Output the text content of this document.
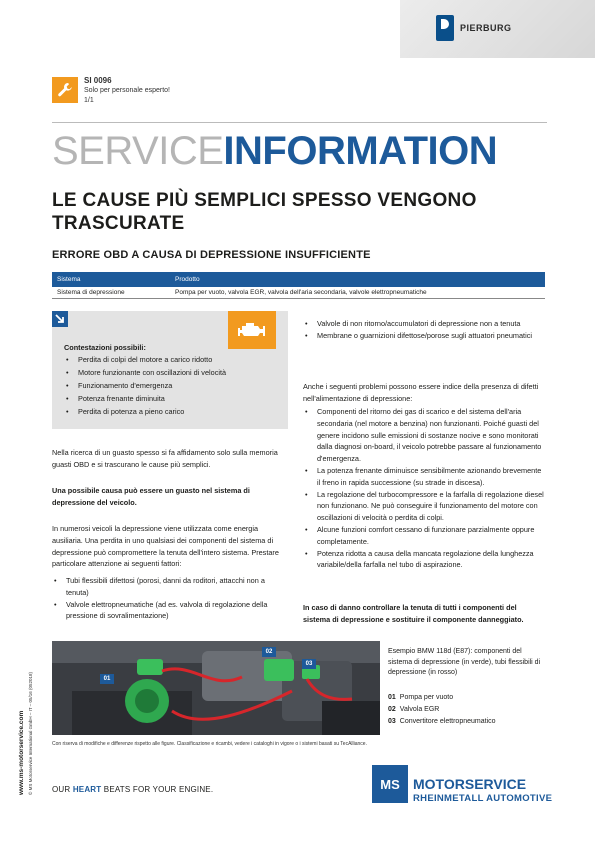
PIERBURG
SI 0096
Solo per personale esperto!
1/1
SERVICEINFORMATION
LE CAUSE PIÙ SEMPLICI SPESSO VENGONO TRASCURATE
ERRORE OBD A CAUSA DI DEPRESSIONE INSUFFICIENTE
Sistema	Prodotto
Sistema di depressione	Pompa per vuoto, valvola EGR, valvola dell'aria secondaria, valvole elettropneumatiche
Contestazioni possibili:
• Perdita di colpi del motore a carico ridotto
• Motore funzionante con oscillazioni di velocità
• Funzionamento d'emergenza
• Potenza frenante diminuita
• Perdita di potenza a pieno carico

Nella ricerca di un guasto spesso si fa affidamento solo sulla memoria guasti OBD e si trascurano le cause più semplici.

Una possibile causa può essere un guasto nel sistema di depressione del veicolo.

In numerosi veicoli la depressione viene utilizzata come energia ausiliaria. Una perdita in uno qualsiasi dei componenti del sistema di depressione può compromettere la tenuta dell'intero sistema. Prestare particolare attenzione ai seguenti fattori:

• Tubi flessibili difettosi (porosi, danni da roditori, attacchi non a tenuta)
• Valvole elettropneumatiche (ad es. valvola di regolazione della pressione di sovralimentazione)
• Valvole di non ritorno/accumulatori di depressione non a tenuta
• Membrane o guarnizioni difettose/porose sugli attuatori pneumatici

Anche i seguenti problemi possono essere indice della presenza di difetti nell'alimentazione di depressione:

• Componenti del ritorno dei gas di scarico e del sistema dell'aria secondaria (nel motore a benzina) non funzionanti. Poiché guasti del genere incidono sulle emissioni di sostanze nocive e sono monitorati dalla diagnosi on-board, il veicolo potrebbe passare al funzionamento d'emergenza.
• La potenza frenante diminuisce sensibilmente azionando brevemente il freno in rapida successione (su strade in discesa).
• La regolazione del turbocompressore e la farfalla di regolazione diesel non funzionano. Ne può conseguire il funzionamento del motore con oscillazioni di velocità o perdita di colpi.
• Alcune funzioni comfort cessano di funzionare parzialmente oppure completamente.
• Potenza ridotta a causa della mancata regolazione della lunghezza variabile/della farfalla nel tubo di aspirazione.

In caso di danno controllare la tenuta di tutti i componenti del sistema di depressione e sostituire il componente danneggiato.

01
02
03

Esempio BMW 118d (E87): componenti del sistema di depressione (in verde), tubi flessibili di depressione (in rosso)

01 Pompa per vuoto
02 Valvola EGR
03 Convertitore elettropneumatico

Con riserva di modifiche e differenze rispetto alle figure. Classificazione e ricambi, vedere i cataloghi in vigore o i sistemi basati su TecAlliance.

www.ms-motorservice.com © MS Motorservice International GmbH – IT – 05/16 (052018) OUR HEART BEATS FOR YOUR ENGINE.	MS MOTORSERVICE
RHEINMETALL AUTOMOTIVE
